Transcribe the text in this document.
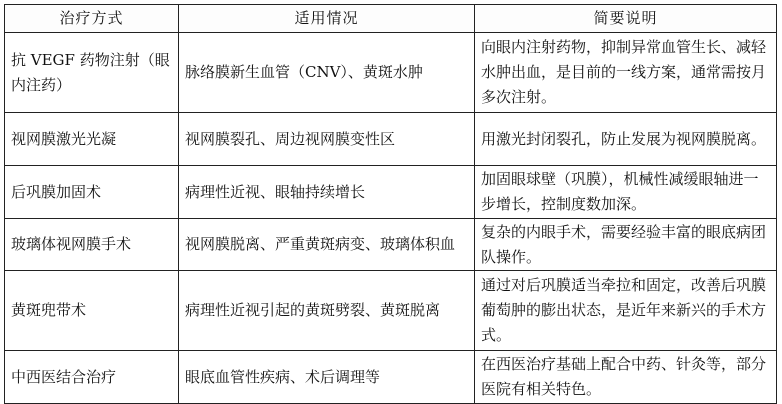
治疗方式	适用情况	简要说明
抗 VEGF 药物注射（眼内注药）	脉络膜新生血管（CNV）、黄斑水肿	向眼内注射药物，抑制异常血管生长、减轻水肿出血，是目前的一线方案，通常需按月多次注射。
视网膜激光光凝	视网膜裂孔、周边视网膜变性区	用激光封闭裂孔，防止发展为视网膜脱离。
后巩膜加固术	病理性近视、眼轴持续增长	加固眼球壁（巩膜），机械性减缓眼轴进一步增长，控制度数加深。
玻璃体视网膜手术	视网膜脱离、严重黄斑病变、玻璃体积血	复杂的内眼手术，需要经验丰富的眼底病团队操作。
黄斑兜带术	病理性近视引起的黄斑劈裂、黄斑脱离	通过对后巩膜适当牵拉和固定，改善后巩膜葡萄肿的膨出状态，是近年来新兴的手术方式。
中西医结合治疗	眼底血管性疾病、术后调理等	在西医治疗基础上配合中药、针灸等，部分医院有相关特色。
